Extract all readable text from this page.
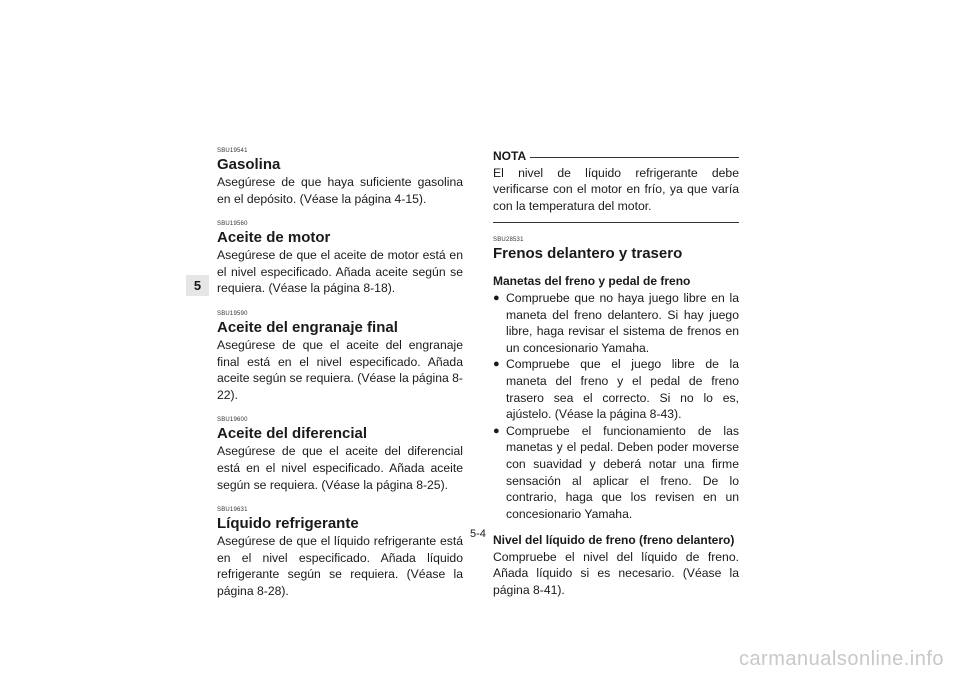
5

SBU19541

Gasolina

Asegúrese de que haya suficiente gasolina en el depósito. (Véase la página 4-15).

SBU19560

Aceite de motor

Asegúrese de que el aceite de motor está en el nivel especificado. Añada aceite según se requiera. (Véase la página 8-18).

SBU19590

Aceite del engranaje final

Asegúrese de que el aceite del engranaje final está en el nivel especificado. Añada aceite según se requiera. (Véase la página 8-22).

SBU19600

Aceite del diferencial

Asegúrese de que el aceite del diferencial está en el nivel especificado. Añada aceite según se requiera. (Véase la página 8-25).

SBU19631

Líquido refrigerante

Asegúrese de que el líquido refrigerante está en el nivel especificado. Añada líquido refrigerante según se requiera. (Véase la página 8-28).

NOTA

El nivel de líquido refrigerante debe verificarse con el motor en frío, ya que varía con la temperatura del motor.

SBU28531

Frenos delantero y trasero

Manetas del freno y pedal de freno

● Compruebe que no haya juego libre en la maneta del freno delantero. Si hay juego libre, haga revisar el sistema de frenos en un concesionario Yamaha.
● Compruebe que el juego libre de la maneta del freno y el pedal de freno trasero sea el correcto. Si no lo es, ajústelo. (Véase la página 8-43).
● Compruebe el funcionamiento de las manetas y el pedal. Deben poder moverse con suavidad y deberá notar una firme sensación al aplicar el freno. De lo contrario, haga que los revisen en un concesionario Yamaha.

Nivel del líquido de freno (freno delantero)

Compruebe el nivel del líquido de freno. Añada líquido si es necesario. (Véase la página 8-41).

5-4
carmanualsonline.info
